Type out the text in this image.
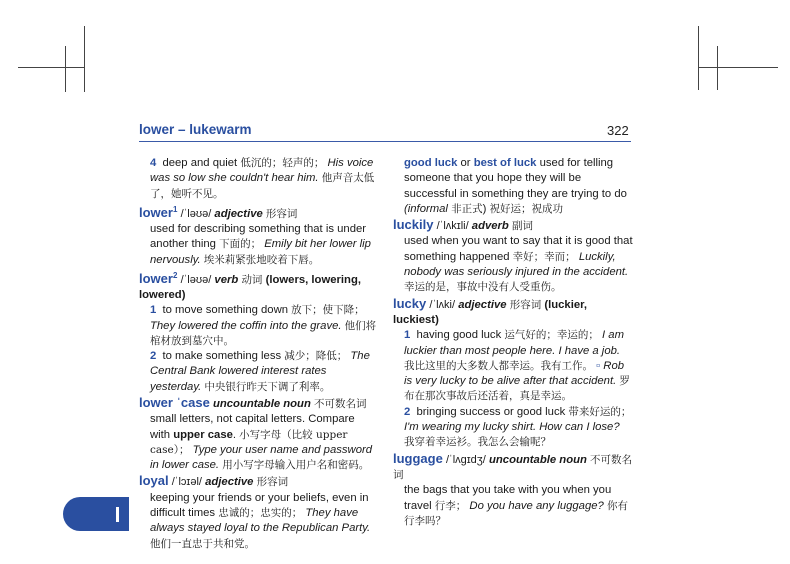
lower – lukewarm	322
4 deep and quiet 低沉的；轻声的； His voice was so low she couldn't hear him. 他声音太低了，她听不见。
lower$^1$ /ˈləʊə/ adjective 形容词
used for describing something that is under another thing 下面的； Emily bit her lower lip nervously. 埃米莉紧张地咬着下唇。
lower$^2$ /ˈləʊə/ verb 动词 (lowers, lowering, lowered)
1 to move something down 放下；使下降； They lowered the coffin into the grave. 他们将棺材放到墓穴中。
2 to make something less 减少；降低； The Central Bank lowered interest rates yesterday. 中央银行昨天下调了利率。
lower ˈcase uncountable noun 不可数名词
small letters, not capital letters. Compare with upper case. 小写字母（比较 upper case）； Type your user name and password in lower case. 用小写字母输入用户名和密码。
loyal /ˈlɔɪəl/ adjective 形容词
keeping your friends or your beliefs, even in difficult times 忠诚的；忠实的； They have always stayed loyal to the Republican Party. 他们一直忠于共和党。
good luck or best of luck used for telling someone that you hope they will be successful in something they are trying to do (informal 非正式) 祝好运；祝成功
luckily /ˈlʌkɪli/ adverb 副词
used when you want to say that it is good that something happened 幸好；幸而； Luckily, nobody was seriously injured in the accident. 幸运的是，事故中没有人受重伤。
lucky /ˈlʌki/ adjective 形容词 (luckier, luckiest)
1 having good luck 运气好的；幸运的； I am luckier than most people here. I have a job. 我比这里的大多数人都幸运。我有工作。 ▫ Rob is very lucky to be alive after that accident. 罗布在那次事故后还活着，真是幸运。
2 bringing success or good luck 带来好运的； I'm wearing my lucky shirt. How can I lose? 我穿着幸运衫。我怎么会输呢？
luggage /ˈlʌgɪdʒ/ uncountable noun 不可数名词
the bags that you take with you when you travel 行李； Do you have any luggage? 你有行李吗？
